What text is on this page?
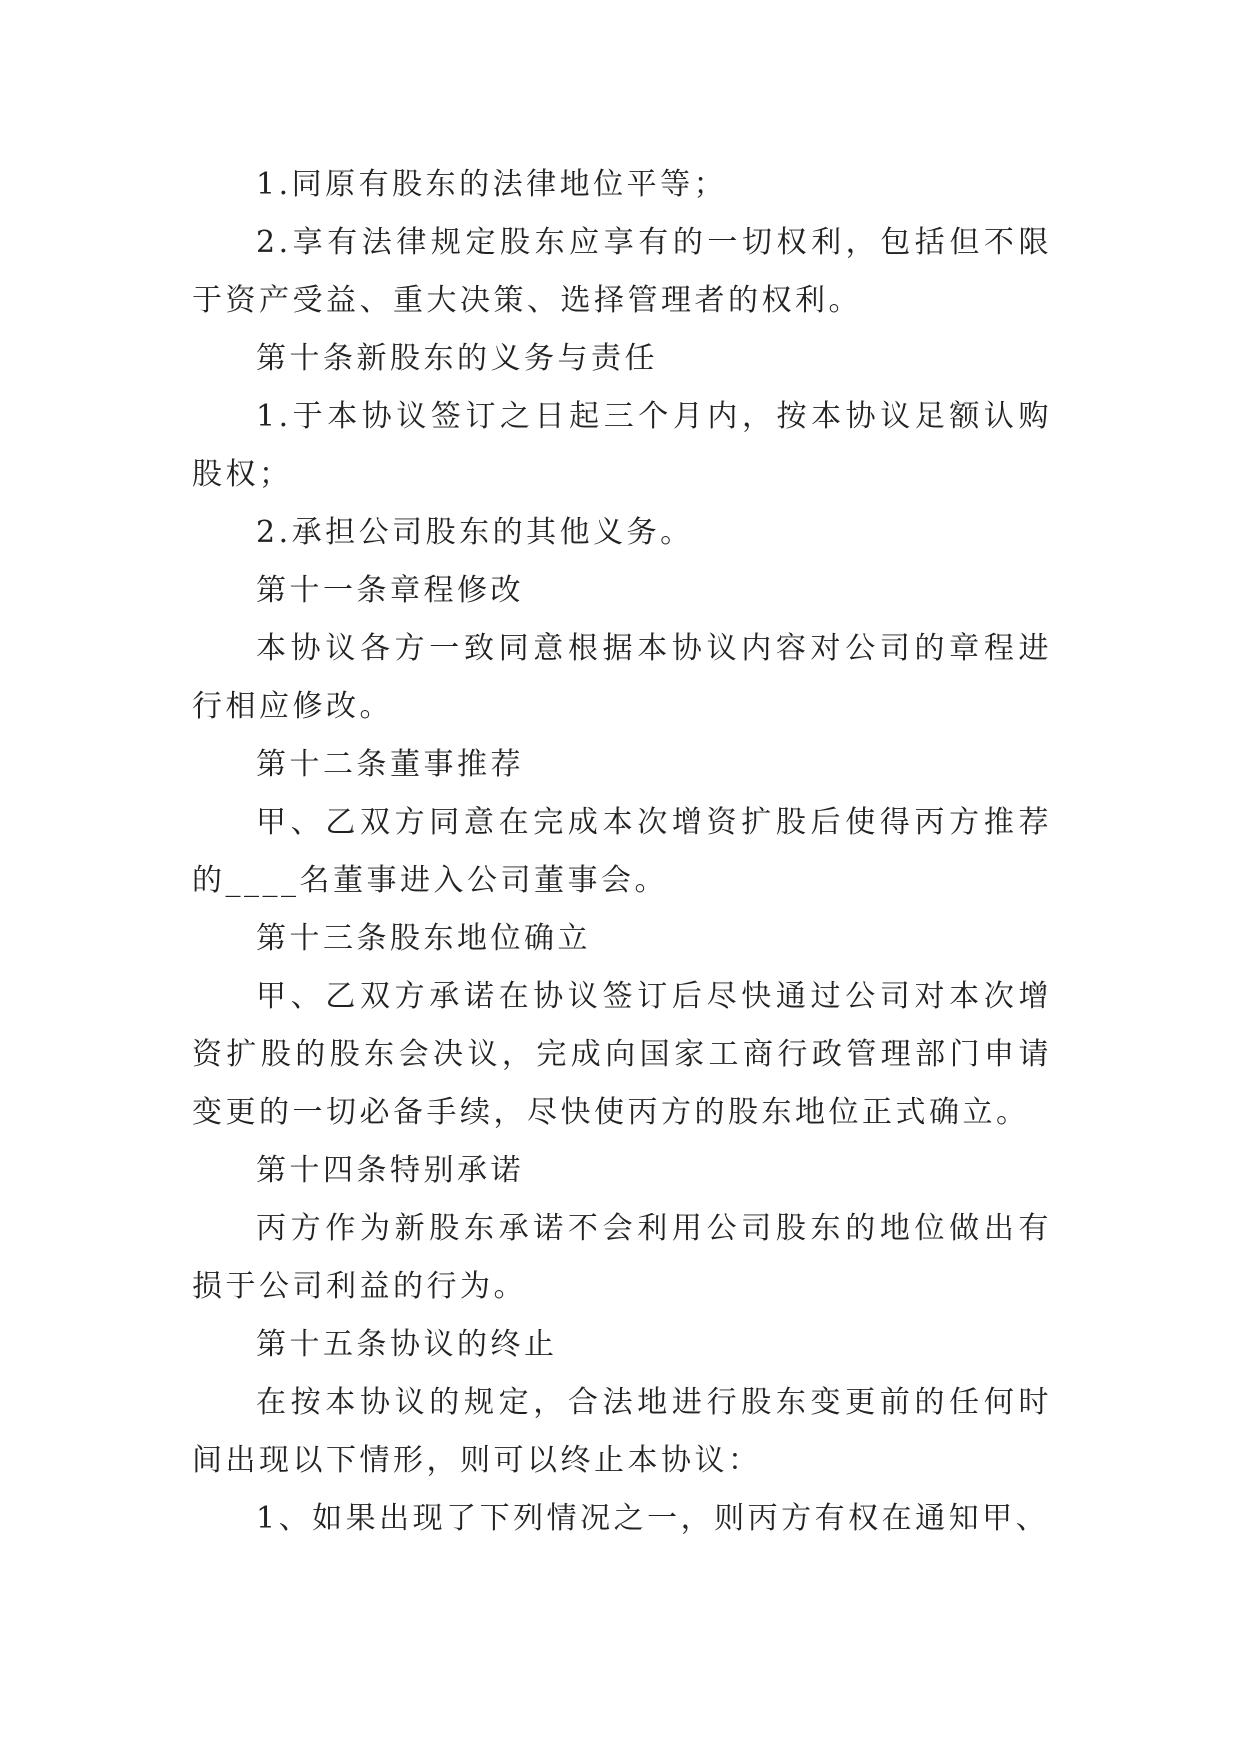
1.同原有股东的法律地位平等；

2.享有法律规定股东应享有的一切权利，包括但不限于资产受益、重大决策、选择管理者的权利。

第十条新股东的义务与责任

1.于本协议签订之日起三个月内，按本协议足额认购股权；

2.承担公司股东的其他义务。

第十一条章程修改

本协议各方一致同意根据本协议内容对公司的章程进行相应修改。

第十二条董事推荐

甲、乙双方同意在完成本次增资扩股后使得丙方推荐的____名董事进入公司董事会。

第十三条股东地位确立

甲、乙双方承诺在协议签订后尽快通过公司对本次增资扩股的股东会决议，完成向国家工商行政管理部门申请变更的一切必备手续，尽快使丙方的股东地位正式确立。

第十四条特别承诺

丙方作为新股东承诺不会利用公司股东的地位做出有损于公司利益的行为。

第十五条协议的终止

在按本协议的规定，合法地进行股东变更前的任何时间出现以下情形，则可以终止本协议：

1、如果出现了下列情况之一，则丙方有权在通知甲、
